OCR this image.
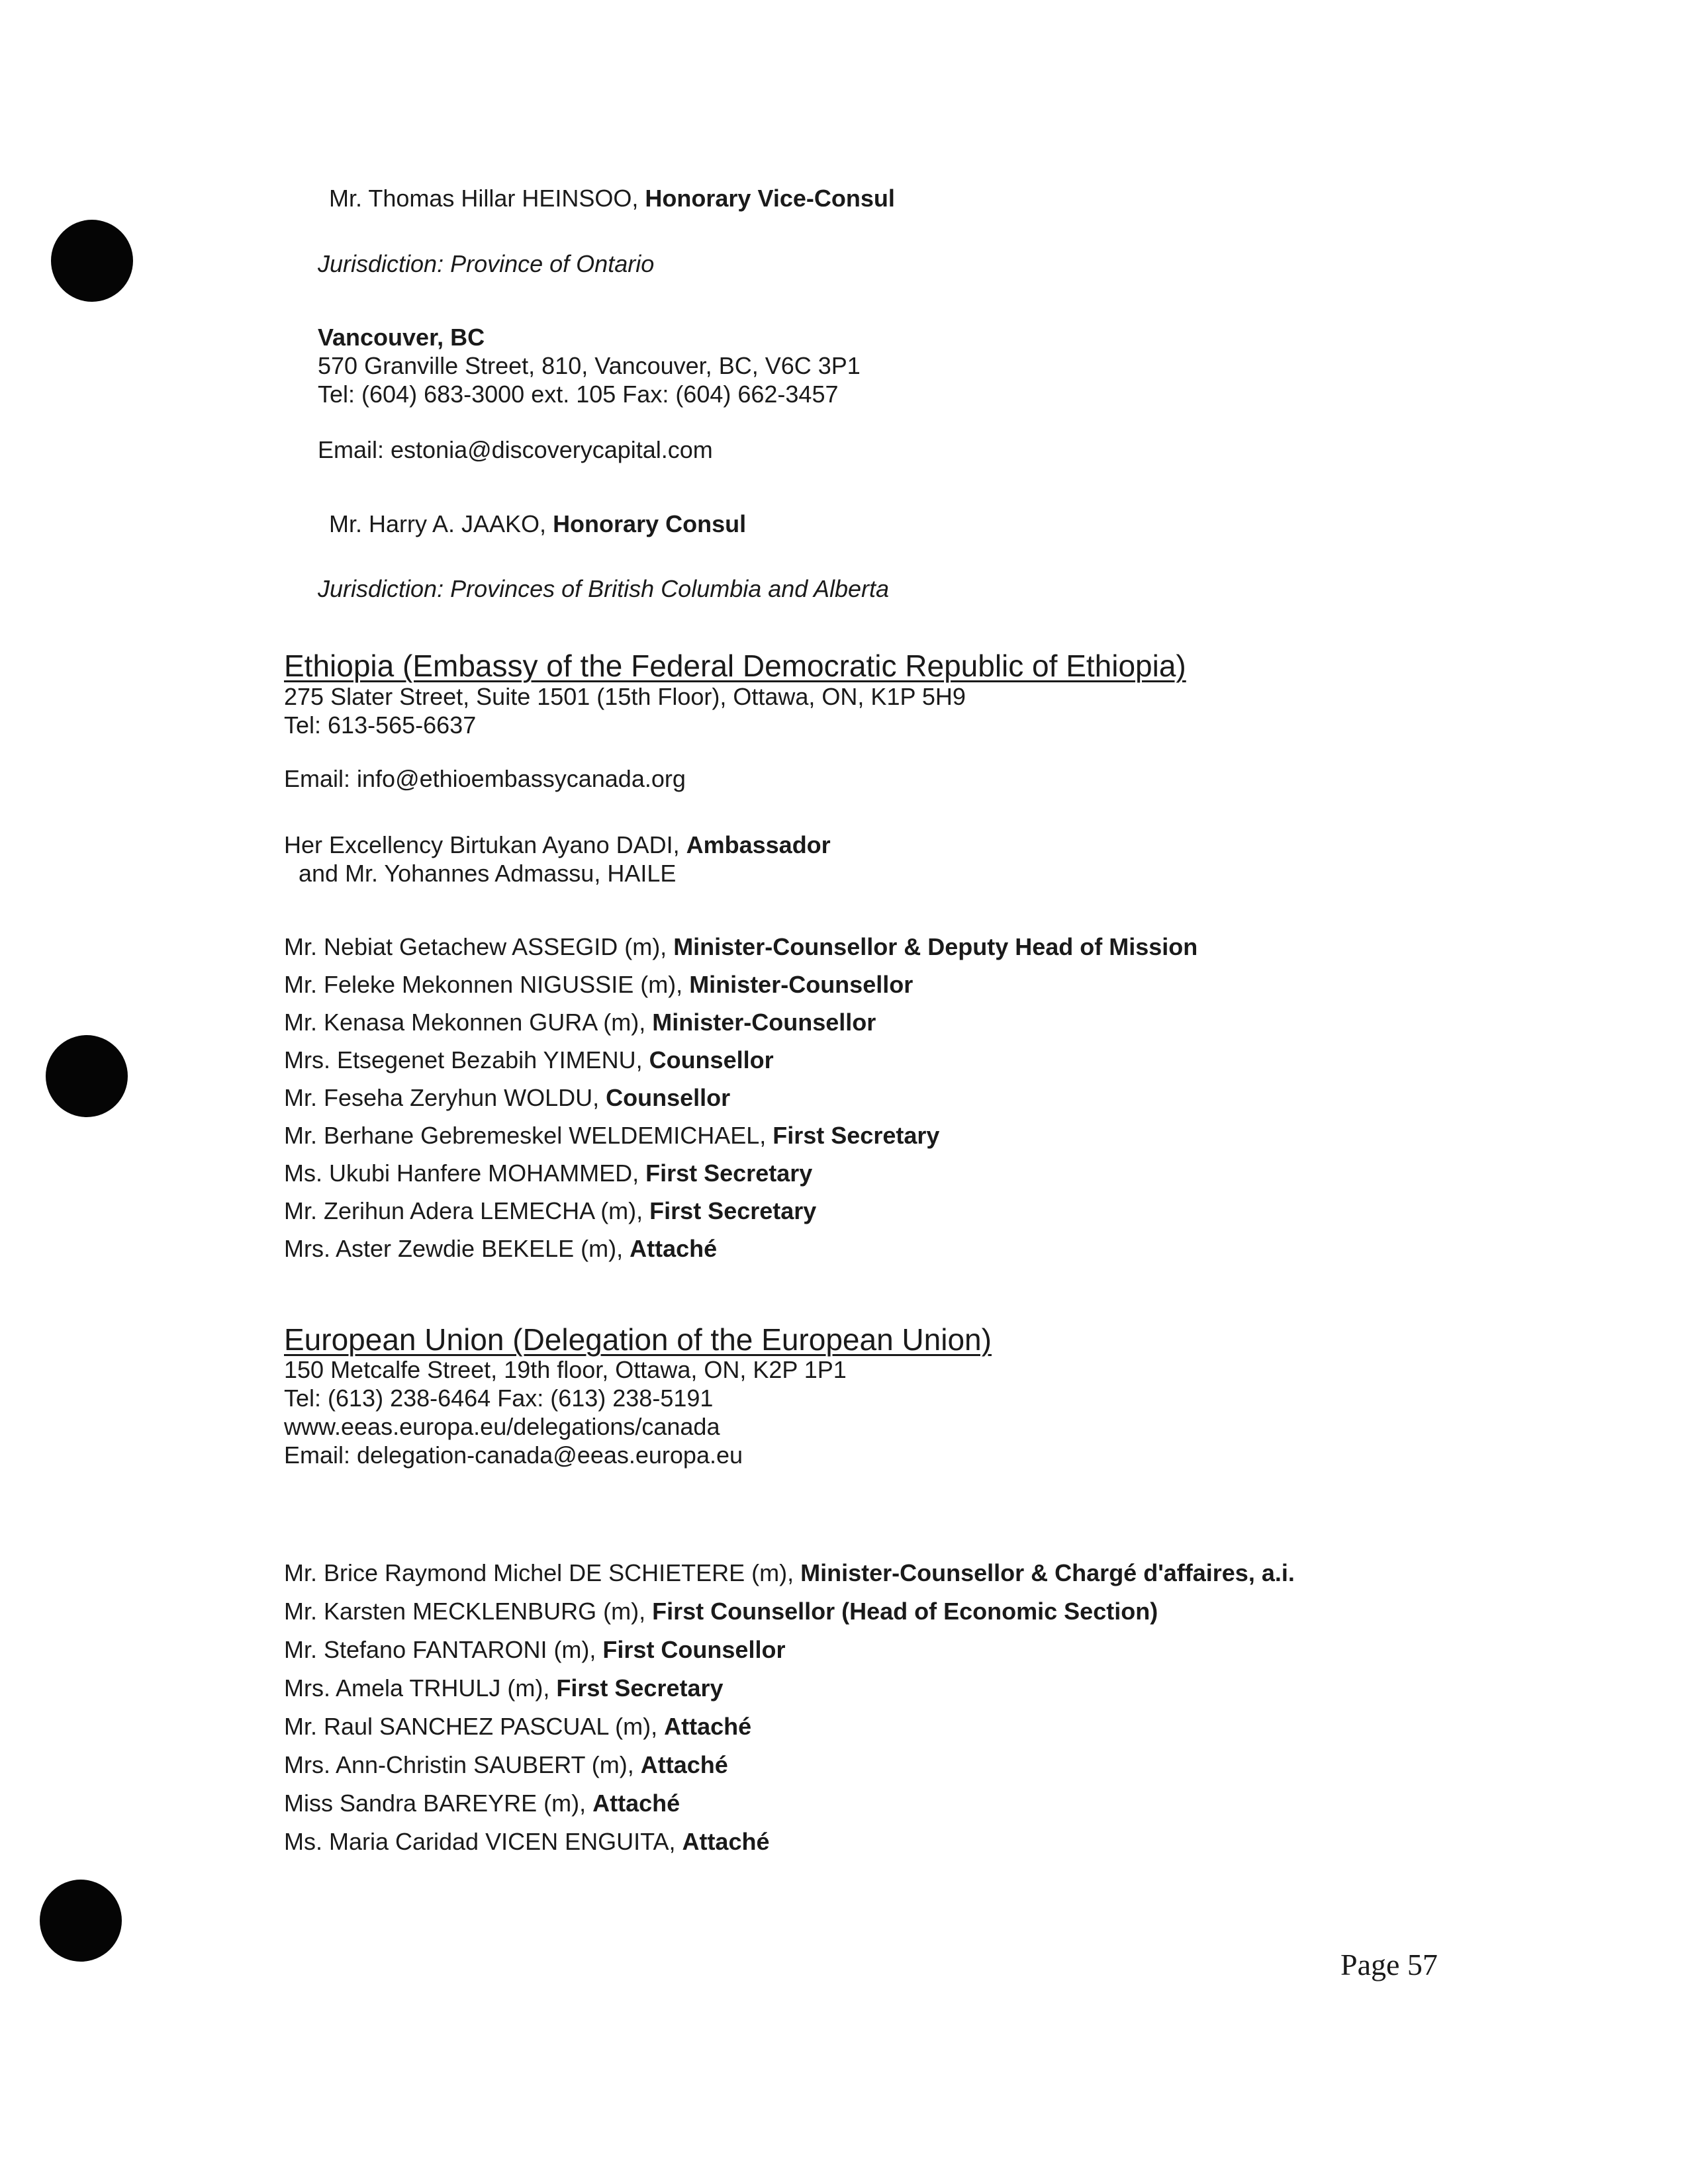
Mr. Thomas Hillar HEINSOO, Honorary Vice-Consul

Jurisdiction: Province of Ontario

Vancouver, BC
570 Granville Street, 810, Vancouver, BC, V6C 3P1
Tel: (604) 683-3000 ext. 105 Fax: (604) 662-3457

Email: estonia@discoverycapital.com

Mr. Harry A. JAAKO, Honorary Consul

Jurisdiction: Provinces of British Columbia and Alberta

Ethiopia (Embassy of the Federal Democratic Republic of Ethiopia)
275 Slater Street, Suite 1501 (15th Floor), Ottawa, ON, K1P 5H9
Tel: 613-565-6637

Email: info@ethioembassycanada.org

Her Excellency Birtukan Ayano DADI, Ambassador

and Mr. Yohannes Admassu, HAILE

Mr. Nebiat Getachew ASSEGID (m), Minister-Counsellor & Deputy Head of Mission

Mr. Feleke Mekonnen NIGUSSIE (m), Minister-Counsellor

Mr. Kenasa Mekonnen GURA (m), Minister-Counsellor

Mrs. Etsegenet Bezabih YIMENU, Counsellor

Mr. Feseha Zeryhun WOLDU, Counsellor

Mr. Berhane Gebremeskel WELDEMICHAEL, First Secretary

Ms. Ukubi Hanfere MOHAMMED, First Secretary

Mr. Zerihun Adera LEMECHA (m), First Secretary

Mrs. Aster Zewdie BEKELE (m), Attaché

European Union (Delegation of the European Union)
150 Metcalfe Street, 19th floor, Ottawa, ON, K2P 1P1
Tel: (613) 238-6464 Fax: (613) 238-5191
www.eeas.europa.eu/delegations/canada
Email: delegation-canada@eeas.europa.eu

Mr. Brice Raymond Michel DE SCHIETERE (m), Minister-Counsellor & Chargé d'affaires, a.i.

Mr. Karsten MECKLENBURG (m), First Counsellor (Head of Economic Section)

Mr. Stefano FANTARONI (m), First Counsellor

Mrs. Amela TRHULJ (m), First Secretary

Mr. Raul SANCHEZ PASCUAL (m), Attaché

Mrs. Ann-Christin SAUBERT (m), Attaché

Miss Sandra BAREYRE (m), Attaché

Ms. Maria Caridad VICEN ENGUITA, Attaché

Page 57
